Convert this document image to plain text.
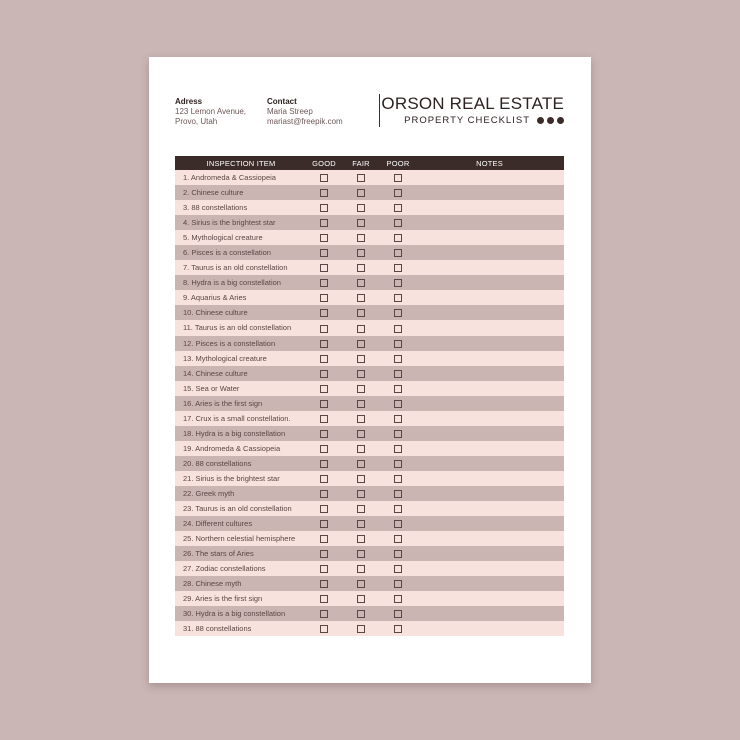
Adress
123 Lemon Avenue,
Provo, Utah
Contact
Maria Streep
mariast@freepik.com
ORSON REAL ESTATE
PROPERTY CHECKLIST
INSPECTION ITEM	GOOD	FAIR	POOR	NOTES
1. Andromeda & Cassiopeia				
2. Chinese culture				
3. 88 constellations				
4. Sirius is the brightest star				
5. Mythological creature				
6. Pisces is a constellation				
7. Taurus is an old constellation				
8. Hydra is a big constellation				
9. Aquarius & Aries				
10. Chinese culture				
11. Taurus is an old constellation				
12. Pisces is a constellation				
13. Mythological creature				
14. Chinese culture				
15. Sea or Water				
16. Aries is the first sign				
17. Crux is a small constellation.				
18. Hydra is a big constellation				
19. Andromeda & Cassiopeia				
20. 88 constellations				
21. Sirius is the brightest star				
22. Greek myth				
23. Taurus is an old constellation				
24. Different cultures				
25. Northern celestial hemisphere				
26. The stars of Aries				
27. Zodiac constellations				
28. Chinese myth				
29. Aries is the first sign				
30. Hydra is a big constellation				
31. 88 constellations				
